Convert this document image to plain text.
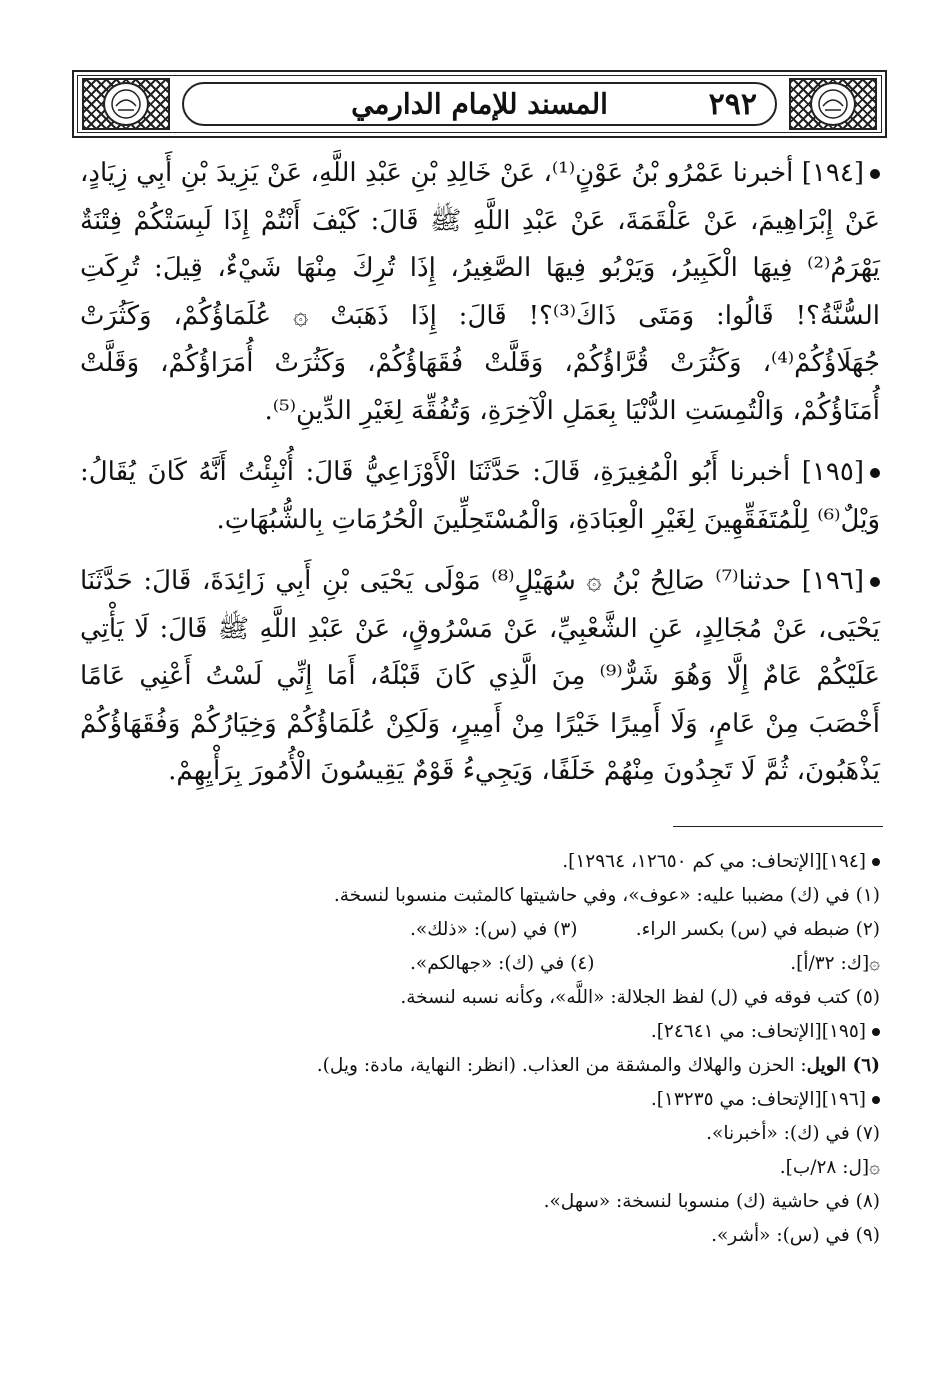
٢٩٢
المسند للإمام الدارمي

[١٩٤] أخبرنا عَمْرُو بْنُ عَوْنٍ⁽¹⁾، عَنْ خَالِدِ بْنِ عَبْدِ اللَّهِ، عَنْ يَزِيدَ بْنِ أَبِي زِيَادٍ، عَنْ إِبْرَاهِيمَ، عَنْ عَلْقَمَةَ، عَنْ عَبْدِ اللَّهِ ﷺ قَالَ: كَيْفَ أَنْتُمْ إِذَا لَبِسَتْكُمْ فِتْنَةٌ يَهْرَمُ⁽²⁾ فِيهَا الْكَبِيرُ، وَيَرْبُو فِيهَا الصَّغِيرُ، إِذَا تُرِكَ مِنْهَا شَيْءٌ، قِيلَ: تُرِكَتِ السُّنَّةُ؟! قَالُوا: وَمَتَى ذَاكَ⁽³⁾؟! قَالَ: إِذَا ذَهَبَتْ ۞ عُلَمَاؤُكُمْ، وَكَثُرَتْ جُهَلَاؤُكُمْ⁽⁴⁾، وَكَثُرَتْ قُرَّاؤُكُمْ، وَقَلَّتْ فُقَهَاؤُكُمْ، وَكَثُرَتْ أُمَرَاؤُكُمْ، وَقَلَّتْ أُمَنَاؤُكُمْ، وَالْتُمِسَتِ الدُّنْيَا بِعَمَلِ الْآخِرَةِ، وَتُفُقِّهَ لِغَيْرِ الدِّينِ⁽⁵⁾.

[١٩٥] أخبرنا أَبُو الْمُغِيرَةِ، قَالَ: حَدَّثَنَا الْأَوْزَاعِيُّ قَالَ: أُنْبِئْتُ أَنَّهُ كَانَ يُقَالُ: وَيْلٌ⁽⁶⁾ لِلْمُتَفَقِّهِينَ لِغَيْرِ الْعِبَادَةِ، وَالْمُسْتَحِلِّينَ الْحُرُمَاتِ بِالشُّبُهَاتِ.

[١٩٦] حدثنا⁽⁷⁾ صَالِحُ بْنُ ۞ سُهَيْلٍ⁽⁸⁾ مَوْلَى يَحْيَى بْنِ أَبِي زَائِدَةَ، قَالَ: حَدَّثَنَا يَحْيَى، عَنْ مُجَالِدٍ، عَنِ الشَّعْبِيِّ، عَنْ مَسْرُوقٍ، عَنْ عَبْدِ اللَّهِ ﷺ قَالَ: لَا يَأْتِي عَلَيْكُمْ عَامٌ إِلَّا وَهُوَ شَرٌّ⁽⁹⁾ مِنَ الَّذِي كَانَ قَبْلَهُ، أَمَا إِنِّي لَسْتُ أَعْنِي عَامًا أَخْصَبَ مِنْ عَامٍ، وَلَا أَمِيرًا خَيْرًا مِنْ أَمِيرٍ، وَلَكِنْ عُلَمَاؤُكُمْ وَخِيَارُكُمْ وَفُقَهَاؤُكُمْ يَذْهَبُونَ، ثُمَّ لَا تَجِدُونَ مِنْهُمْ خَلَفًا، وَيَجِيءُ قَوْمٌ يَقِيسُونَ الْأُمُورَ بِرَأْيِهِمْ.

[١٩٤][الإتحاف: مي كم ١٢٦٥٠، ١٢٩٦٤].

(١) في (ك) مضببا عليه: «عوف»، وفي حاشيتها كالمثبت منسوبا لنسخة.

(٢) ضبطه في (س) بكسر الراء.
(٣) في (س): «ذلك».
۞[ك: ٣٢/أ].
(٤) في (ك): «جهالكم».

(٥) كتب فوقه في (ل) لفظ الجلالة: «اللَّه»، وكأنه نسبه لنسخة.

[١٩٥][الإتحاف: مي ٢٤٦٤١].

(٦) الويل: الحزن والهلاك والمشقة من العذاب. (انظر: النهاية، مادة: ويل).

[١٩٦][الإتحاف: مي ١٣٢٣٥].

(٧) في (ك): «أخبرنا».

۞[ل: ٢٨/ب].

(٨) في حاشية (ك) منسوبا لنسخة: «سهل».

(٩) في (س): «أشر».
